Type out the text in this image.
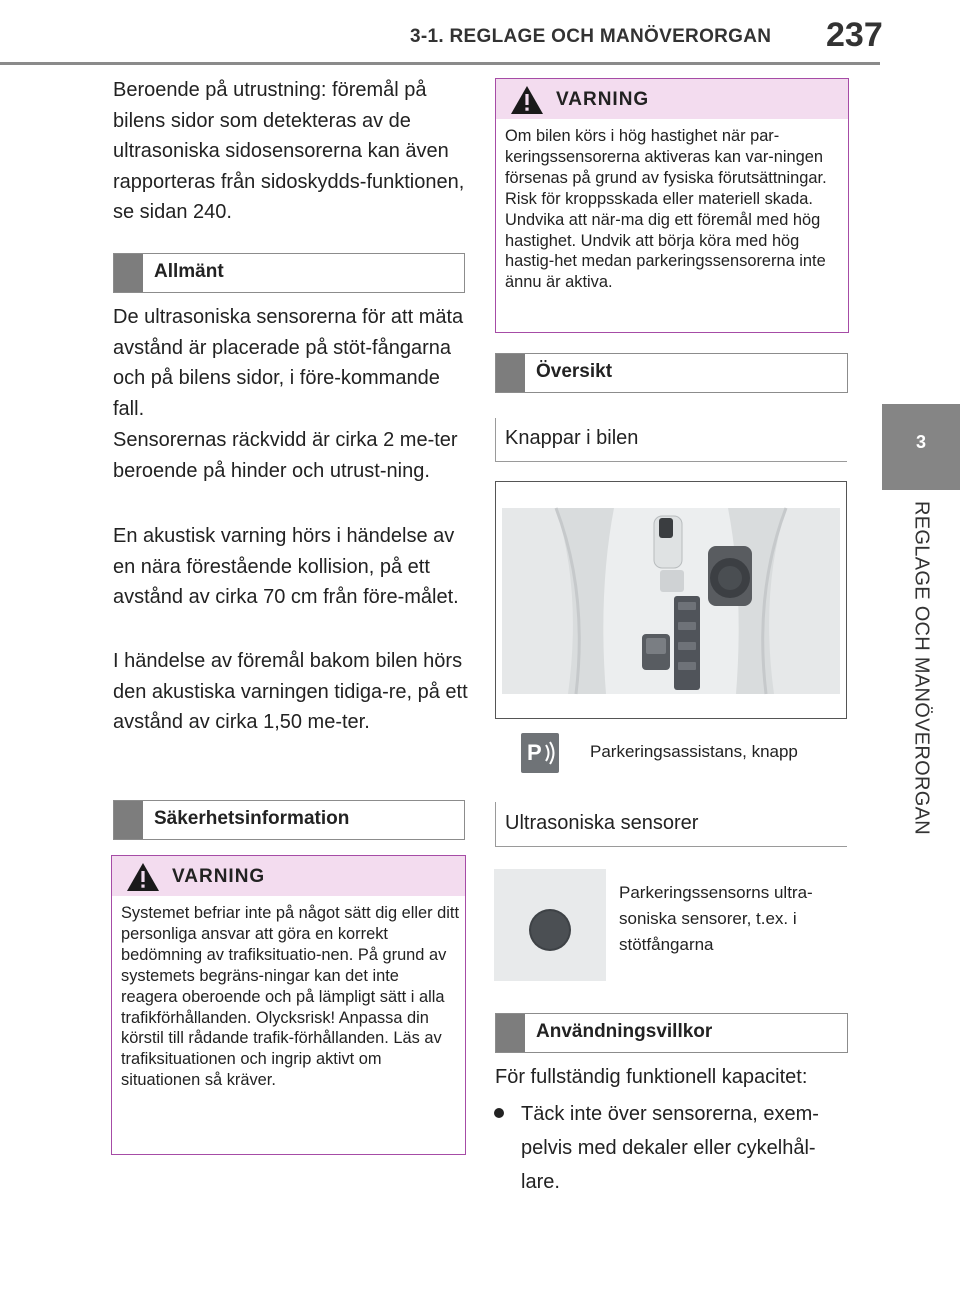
3-1. REGLAGE OCH MANÖVERORGAN 237
3
REGLAGE OCH MANÖVERORGAN

Beroende på utrustning: föremål på bilens sidor som detekteras av de ultrasoniska sidosensorerna kan även rapporteras från sidoskydds-funktionen, se sidan 240.

Allmänt

De ultrasoniska sensorerna för att mäta avstånd är placerade på stöt-fångarna och på bilens sidor, i före-kommande fall.

Sensorernas räckvidd är cirka 2 me-ter beroende på hinder och utrust-ning.

En akustisk varning hörs i händelse av en nära förestående kollision, på ett avstånd av cirka 70 cm från före-målet.

I händelse av föremål bakom bilen hörs den akustiska varningen tidiga-re, på ett avstånd av cirka 1,50 me-ter.

Säkerhetsinformation
VARNING
Systemet befriar inte på något sätt dig eller ditt personliga ansvar att göra en korrekt bedömning av trafiksituatio-nen. På grund av systemets begräns-ningar kan det inte reagera oberoende och på lämpligt sätt i alla trafikförhållanden. Olycksrisk! Anpassa din körstil till rådande trafik-förhållanden. Läs av trafiksituationen och ingrip aktivt om situationen så kräver.
VARNING
Om bilen körs i hög hastighet när par-keringssensorerna aktiveras kan var-ningen försenas på grund av fysiska förutsättningar. Risk för kroppsskada eller materiell skada. Undvika att när-ma dig ett föremål med hög hastighet. Undvik att börja köra med hög hastig-het medan parkeringssensorerna inte ännu är aktiva.
Översikt
Knappar i bilen
P	Parkeringsassistans, knapp
Ultrasoniska sensorer
Parkeringssensorns ultra-soniska sensorer, t.ex. i stötfångarna
Användningsvillkor
För fullständig funktionell kapacitet:
Täck inte över sensorerna, exem-pelvis med dekaler eller cykelhål-lare.
